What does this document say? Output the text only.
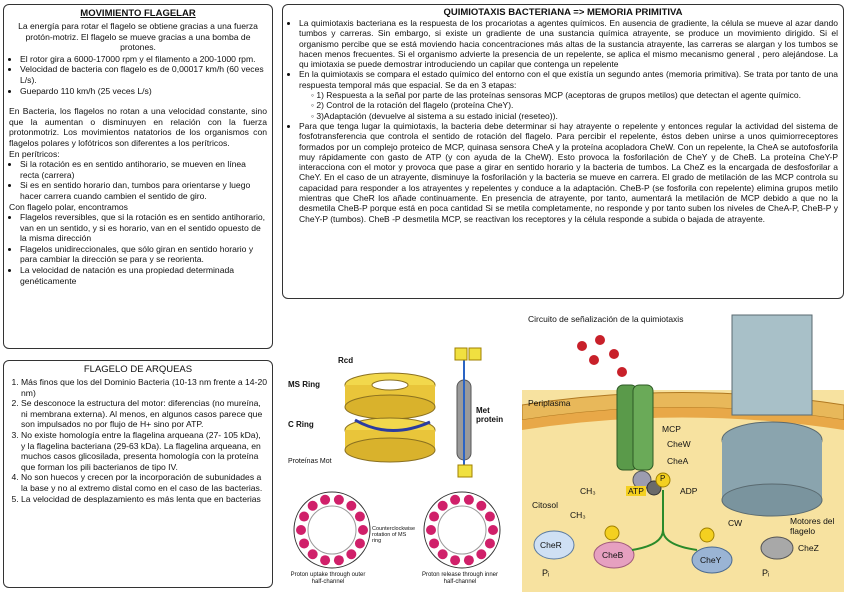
MOVIMIENTO FLAGELAR
La energía para rotar el flagelo se obtiene gracias a una fuerza protón-motriz. El flagelo se mueve gracias a una bomba de protones.
• El rotor gira a 6000-17000 rpm y el filamento a 200-1000 rpm.
• Velocidad de bacteria con flagelo es de 0,00017 km/h (60 veces L/s).
• Guepardo 110 km/h (25 veces L/s)
En Bacteria, los flagelos no rotan a una velocidad constante, sino que la aumentan o disminuyen en relación con la fuerza protonmotriz. Los movimientos natatorios de los organismos con flagelos polares y lofótricos son diferentes a los perítricos.
En perítricos:
• Si la rotación es en sentido antihorario, se mueven en línea recta (carrera)
• Si es en sentido horario dan, tumbos para orientarse y luego hacer carrera cuando cambien el sentido de giro.
Con flagelo polar, encontramos
• Flagelos reversibles, que si la rotación es en sentido antihorario, van en un sentido, y si es horario, van en el sentido opuesto de la misma dirección
• Flagelos unidireccionales, que sólo giran en sentido horario y para cambiar la dirección se para y se reorienta.
• La velocidad de natación es una propiedad determinada genéticamente
FLAGELO DE ARQUEAS
1. Más finos que los del Dominio Bacteria (10-13 nm frente a 14-20 nm)
2. Se desconoce la estructura del motor: diferencias (no mureína, ni membrana externa). Al menos, en algunos casos parece que son impulsados no por flujo de H+ sino por ATP.
3. No existe homología entre la flagelina arqueana (27- 105 kDa), y la flagelina bacteriana (29-63 kDa). La flagelina arqueana, en muchos casos glicosilada, presenta homología con la proteína que forman los pili bacterianos de tipo IV.
4. No son huecos y crecen por la incorporación de subunidades a la base y no al extremo distal como en el caso de las bacterias.
5. La velocidad de desplazamiento es más lenta que en bacterias
QUIMIOTAXIS BACTERIANA => MEMORIA PRIMITIVA
• La quimiotaxis bacteriana es la respuesta de los procariotas a agentes químicos. En ausencia de gradiente, la célula se mueve al azar dando tumbos y carreras. Sin embargo, si existe un gradiente de una sustancia química atrayente, se produce un movimiento dirigido. Si el organismo percibe que se está moviendo hacia concentraciones más altas de la sustancia atrayente, las carreras se alargan y los tumbos se hacen menos frecuentes. Si el organismo advierte la presencia de un repelente, se aplica el mismo mecanismo general , pero alejándose. La qu imiotaxia se puede demostrar introduciendo un capilar que contenga un repelente
• En la quimiotaxis se compara el estado químico del entorno con el que existía un segundo antes (memoria primitiva). Se trata por tanto de una respuesta temporal más que espacial. Se da en 3 etapas:
◦ 1) Respuesta a la señal por parte de las proteínas sensoras MCP (aceptoras de grupos metilos) que detectan el agente químico.
◦ 2) Control de la rotación del flagelo (proteína CheY).
◦ 3)Adaptación (devuelve al sistema a su estado inicial (reseteo)).
• Para que tenga lugar la quimiotaxis, la bacteria debe determinar si hay atrayente o repelente y entonces regular la actividad del sistema de fosfotransferencia que controla el sentido de rotación del flagelo. Para percibir el repelente, éstos deben unirse a unos quimiorreceptores formados por un complejo proteico de MCP, quinasa sensora CheA y la proteína acopladora CheW. Con un repelente, la CheA se autofosforila muy rápidamente con gasto de ATP (y con ayuda de la CheW). Esto provoca la fosforilación de CheY y de CheB. La proteína CheY-P interacciona con el motor y provoca que pase a girar en sentido horario y la bacteria de tumbos. La CheZ es la encargada de desfosforilar a CheY. En el caso de un atrayente, disminuye la fosforilación y la bacteria se mueve en carrera. El grado de metilación de las MCP controla su capacidad para responder a los atrayentes y repelentes y conduce a la adaptación. CheB-P (se fosforila con repelente) elimina grupos metilo mientras que CheR los añade continuamente. En presencia de atrayente, por tanto, aumentará la metilación de MCP debido a que no la desmetila CheB-P porque está en poca cantidad Si se metila completamente, no responde y por tanto suben los niveles de CheA-P, CheB-P y CheY-P (tumbos). CheB -P desmetila MCP, se reactivan los receptores y la célula responde a subida o bajada de atrayente.
Rcd
MS Ring
C Ring
Met
protein
Proteínas Mot
Counterclockwise rotation of MS ring
Proton uptake through outer half-channel
Proton release through inner half-channel
Circuito de señalización de la quimiotaxis
Periplasma
Citosol
MCP
CheW
CheA
CH₃
CH₃
ATP
P
ADP
CW	Motores del flagelo
CheR
CheB	CheY
CheZ
Pᵢ	Pᵢ
